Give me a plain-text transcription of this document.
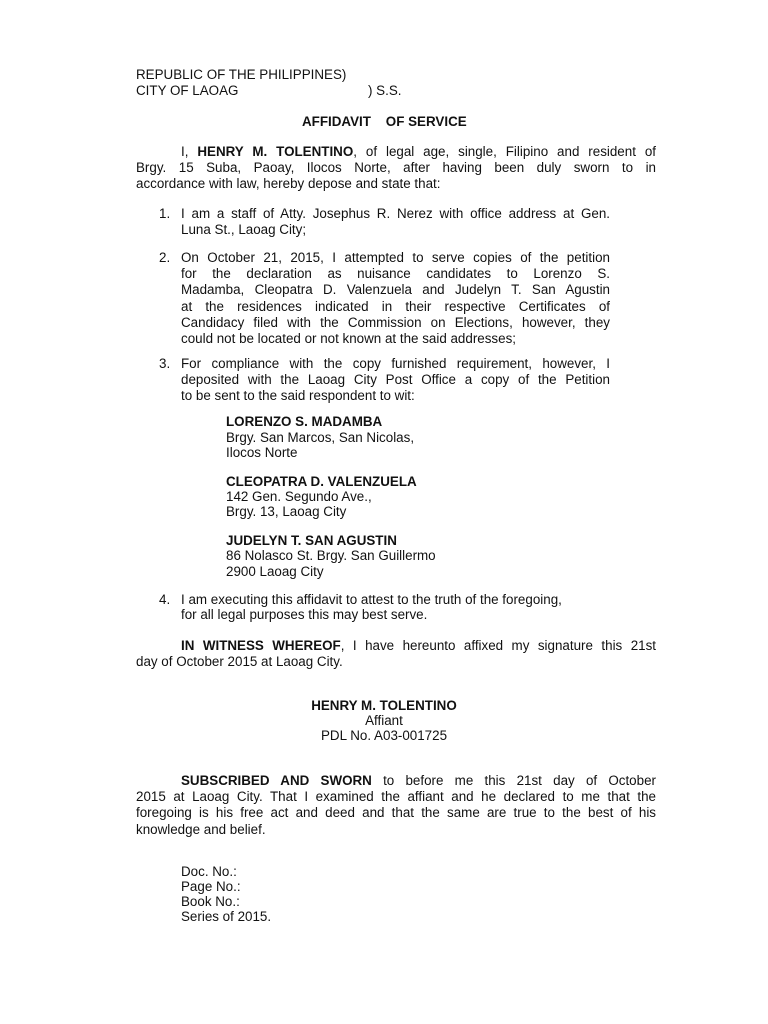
REPUBLIC OF THE PHILIPPINES)
CITY OF LAOAG	) S.S.
AFFIDAVIT    OF SERVICE
I, HENRY M. TOLENTINO, of legal age, single, Filipino and resident of
Brgy. 15 Suba, Paoay, Ilocos Norte, after having been duly sworn to in
accordance with law, hereby depose and state that:
1. I am a staff of Atty. Josephus R. Nerez with office address at Gen.
Luna St., Laoag City;
2. On October 21, 2015, I attempted to serve copies of the petition
for the declaration as nuisance candidates to Lorenzo S.
Madamba, Cleopatra D. Valenzuela and Judelyn T. San Agustin
at the residences indicated in their respective Certificates of
Candidacy filed with the Commission on Elections, however, they
could not be located or not known at the said addresses;
3. For compliance with the copy furnished requirement, however, I
deposited with the Laoag City Post Office a copy of the Petition
to be sent to the said respondent to wit:
LORENZO S. MADAMBA
Brgy. San Marcos, San Nicolas,
Ilocos Norte
CLEOPATRA D. VALENZUELA
142 Gen. Segundo Ave.,
Brgy. 13, Laoag City
JUDELYN T. SAN AGUSTIN
86 Nolasco St. Brgy. San Guillermo
2900 Laoag City
4. I am executing this affidavit to attest to the truth of the foregoing,
for all legal purposes this may best serve.
IN WITNESS WHEREOF, I have hereunto affixed my signature this 21st
day of October 2015 at Laoag City.
HENRY M. TOLENTINO
Affiant
PDL No. A03-001725
SUBSCRIBED AND SWORN to before me this 21st day of October
2015 at Laoag City. That I examined the affiant and he declared to me that the
foregoing is his free act and deed and that the same are true to the best of his
knowledge and belief.
Doc. No.:
Page No.:
Book No.:
Series of 2015.
